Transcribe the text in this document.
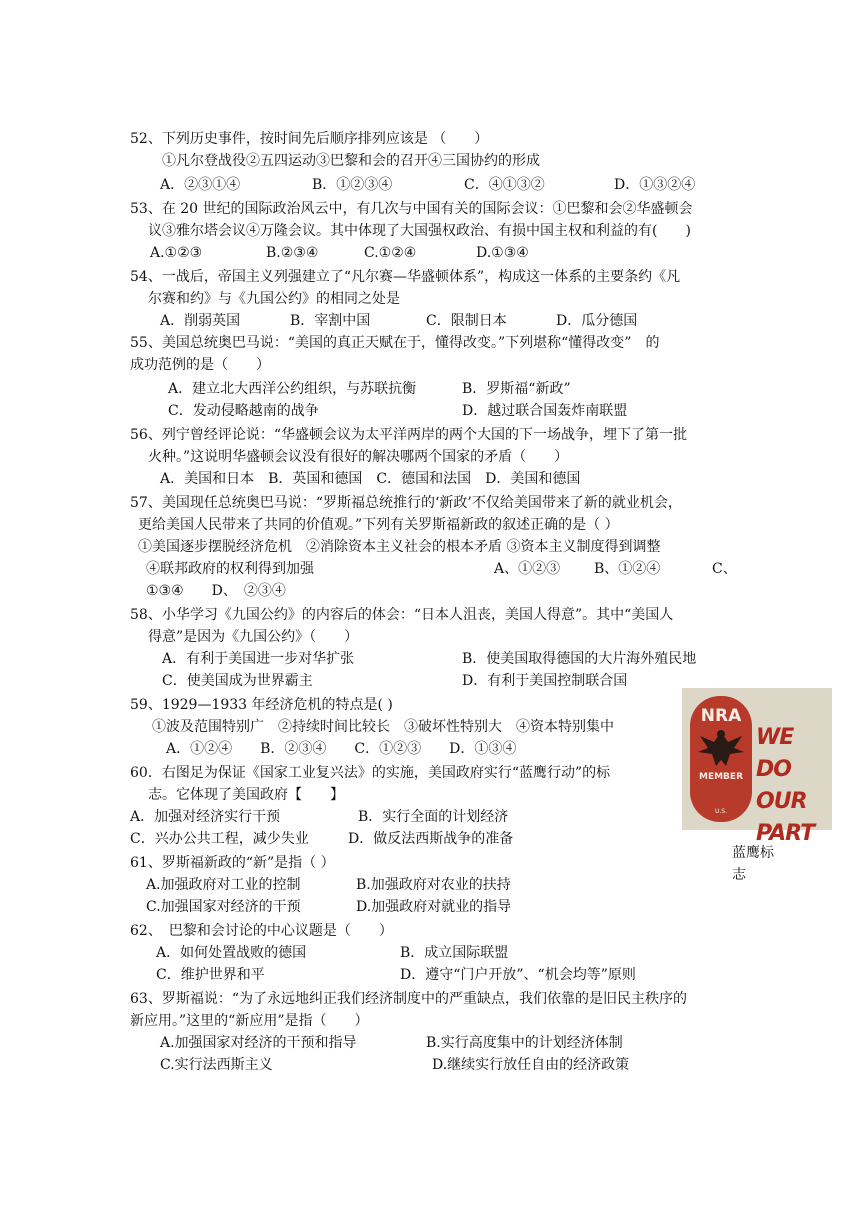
52、下列历史事件，按时间先后顺序排列应该是 （　　）
①凡尔登战役②五四运动③巴黎和会的召开④三国协约的形成
A．②③①④	B．①②③④	C．④①③②	D．①③②④
53、在 20 世纪的国际政治风云中，有几次与中国有关的国际会议：①巴黎和会②华盛顿会
议③雅尔塔会议④万隆会议。其中体现了大国强权政治、有损中国主权和利益的有(　　)
A.①②③	B.②③④	C.①②④	D.①③④
54、一战后，帝国主义列强建立了“凡尔赛—华盛顿体系”，构成这一体系的主要条约《凡
尔赛和约》与《九国公约》的相同之处是
A．削弱英国	B．宰割中国	C．限制日本	D．瓜分德国
55、美国总统奥巴马说：“美国的真正天赋在于，懂得改变。”下列堪称“懂得改变”　的
成功范例的是（　　）
A．建立北大西洋公约组织，与苏联抗衡	B．罗斯福“新政”
C．发动侵略越南的战争	D．越过联合国轰炸南联盟
56、列宁曾经评论说：“华盛顿会议为太平洋两岸的两个大国的下一场战争，埋下了第一批
火种。”这说明华盛顿会议没有很好的解决哪两个国家的矛盾（　　）
A．美国和日本　B．英国和德国　C．德国和法国　D．美国和德国
57、美国现任总统奥巴马说：“罗斯福总统推行的‘新政’不仅给美国带来了新的就业机会，
更给美国人民带来了共同的价值观。”下列有关罗斯福新政的叙述正确的是（ ）
①美国逐步摆脱经济危机　②消除资本主义社会的根本矛盾 ③资本主义制度得到调整
④联邦政府的权利得到加强	A、①②③ B、①②④	C、
①③④　　D、　②③④
58、小华学习《九国公约》的内容后的体会：“日本人沮丧，美国人得意”。其中“美国人
得意”是因为《九国公约》（　　）
A．有利于美国进一步对华扩张	B．使美国取得德国的大片海外殖民地
C．使美国成为世界霸主	D．有利于美国控制联合国
59、1929—1933 年经济危机的特点是( )
①波及范围特别广　②持续时间比较长　③破坏性特别大　④资本特别集中
A．①②④　　B．②③④　　C．①②③　　D．①③④
60．右图足为保证《国家工业复兴法》的实施，美国政府实行“蓝鹰行动”的标
志。它体现了美国政府【　　】
A．加强对经济实行干预	B．实行全面的计划经济
C．兴办公共工程，减少失业	D．做反法西斯战争的准备
61、罗斯福新政的“新”是指（ ）
A.加强政府对工业的控制	B.加强政府对农业的扶持
C.加强国家对经济的干预	D.加强政府对就业的指导
62、　巴黎和会讨论的中心议题是（　　）
A．如何处置战败的德国	B．成立国际联盟
C．维护世界和平	D．遵守“门户开放”、“机会均等”原则
63、罗斯福说：“为了永远地纠正我们经济制度中的严重缺点，我们依靠的是旧民主秩序的
新应用。”这里的“新应用”是指（　　）
A.加强国家对经济的干预和指导	B.实行高度集中的计划经济体制
C.实行法西斯主义	D.继续实行放任自由的经济政策
NRA
MEMBER
U.S.
WE DO OUR PART
蓝鹰标志
